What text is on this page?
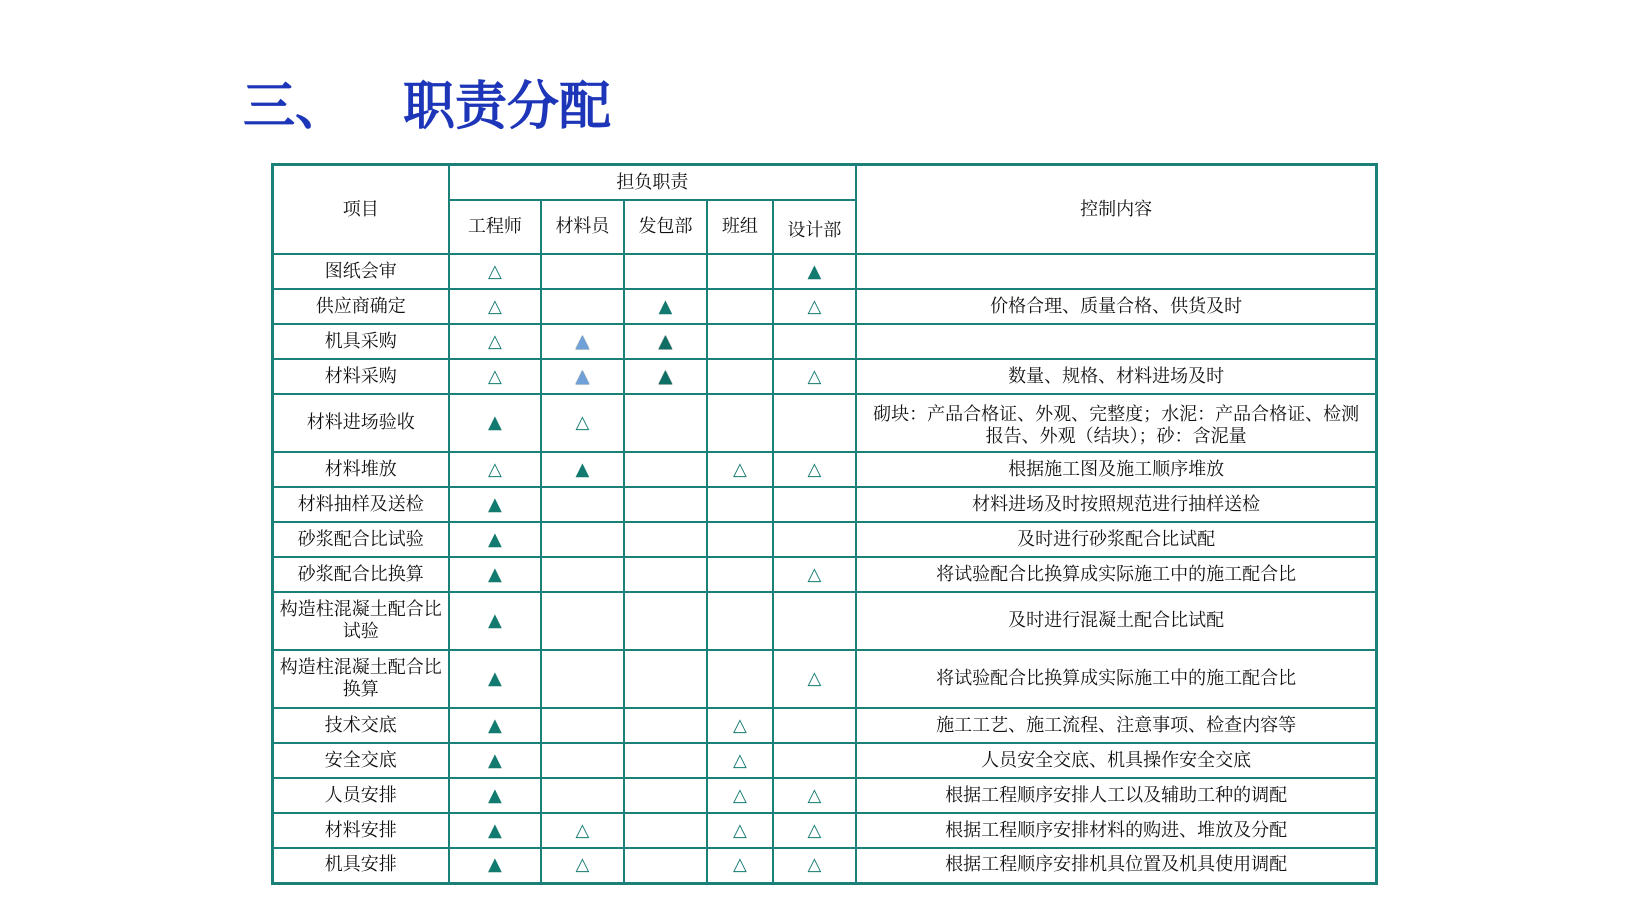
三、 职责分配
项目	担负职责					控制内容
	工程师	材料员	发包部	班组	设计部	
图纸会审	△				▲	
供应商确定	△		▲		△	价格合理、质量合格、供货及时
机具采购	△	▲	▲			
材料采购	△	▲	▲		△	数量、规格、材料进场及时
材料进场验收	▲	△				砌块：产品合格证、外观、完整度；水泥：产品合格证、检测报告、外观（结块）；砂：含泥量
材料堆放	△	▲		△	△	根据施工图及施工顺序堆放
材料抽样及送检	▲					材料进场及时按照规范进行抽样送检
砂浆配合比试验	▲					及时进行砂浆配合比试配
砂浆配合比换算	▲				△	将试验配合比换算成实际施工中的施工配合比
构造柱混凝土配合比试验	▲					及时进行混凝土配合比试配
构造柱混凝土配合比换算	▲				△	将试验配合比换算成实际施工中的施工配合比
技术交底	▲			△		施工工艺、施工流程、注意事项、检查内容等
安全交底	▲			△		人员安全交底、机具操作安全交底
人员安排	▲			△	△	根据工程顺序安排人工以及辅助工种的调配
材料安排	▲	△		△	△	根据工程顺序安排材料的购进、堆放及分配
机具安排	▲	△		△	△	根据工程顺序安排机具位置及机具使用调配
